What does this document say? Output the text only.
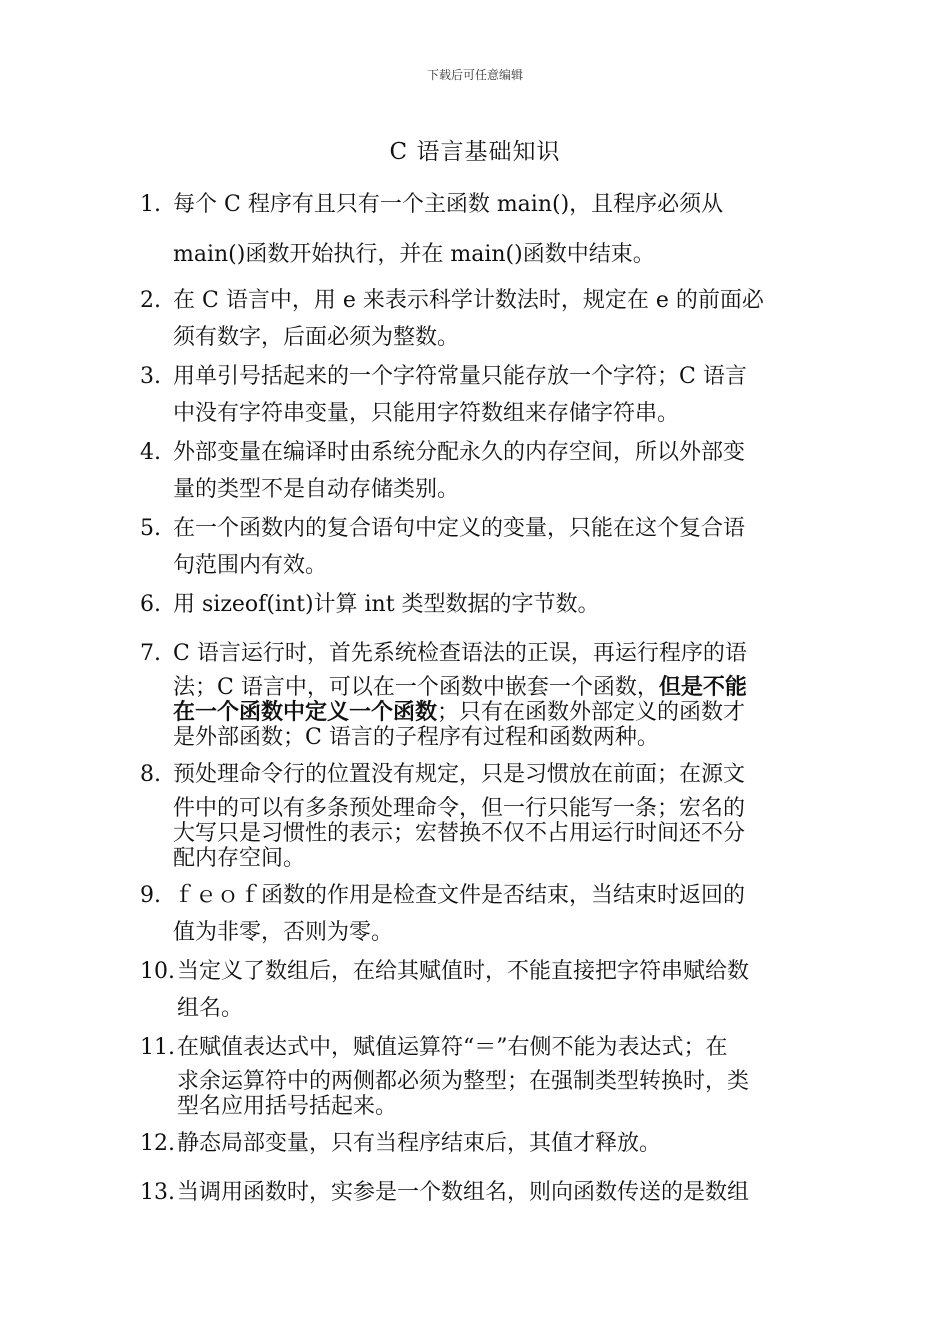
下载后可任意编辑
C 语言基础知识
1. 每个 C 程序有且只有一个主函数 main()，且程序必须从
main()函数开始执行，并在 main()函数中结束。
2. 在 C 语言中，用 e 来表示科学计数法时，规定在 e 的前面必
须有数字，后面必须为整数。
3. 用单引号括起来的一个字符常量只能存放一个字符；C 语言
中没有字符串变量，只能用字符数组来存储字符串。
4. 外部变量在编译时由系统分配永久的内存空间，所以外部变
量的类型不是自动存储类别。
5. 在一个函数内的复合语句中定义的变量，只能在这个复合语
句范围内有效。
6. 用 sizeof(int)计算 int 类型数据的字节数。
7. C 语言运行时，首先系统检查语法的正误，再运行程序的语
法；C 语言中，可以在一个函数中嵌套一个函数，但是不能
在一个函数中定义一个函数；只有在函数外部定义的函数才
是外部函数；C 语言的子程序有过程和函数两种。
8. 预处理命令行的位置没有规定，只是习惯放在前面；在源文
件中的可以有多条预处理命令，但一行只能写一条；宏名的
大写只是习惯性的表示；宏替换不仅不占用运行时间还不分
配内存空间。
9. ｆｅｏｆ函数的作用是检查文件是否结束，当结束时返回的
值为非零，否则为零。
10. 当定义了数组后，在给其赋值时，不能直接把字符串赋给数
组名。
11. 在赋值表达式中，赋值运算符“＝”右侧不能为表达式；在
求余运算符中的两侧都必须为整型；在强制类型转换时，类
型名应用括号括起来。
12. 静态局部变量，只有当程序结束后，其值才释放。
13. 当调用函数时，实参是一个数组名，则向函数传送的是数组
